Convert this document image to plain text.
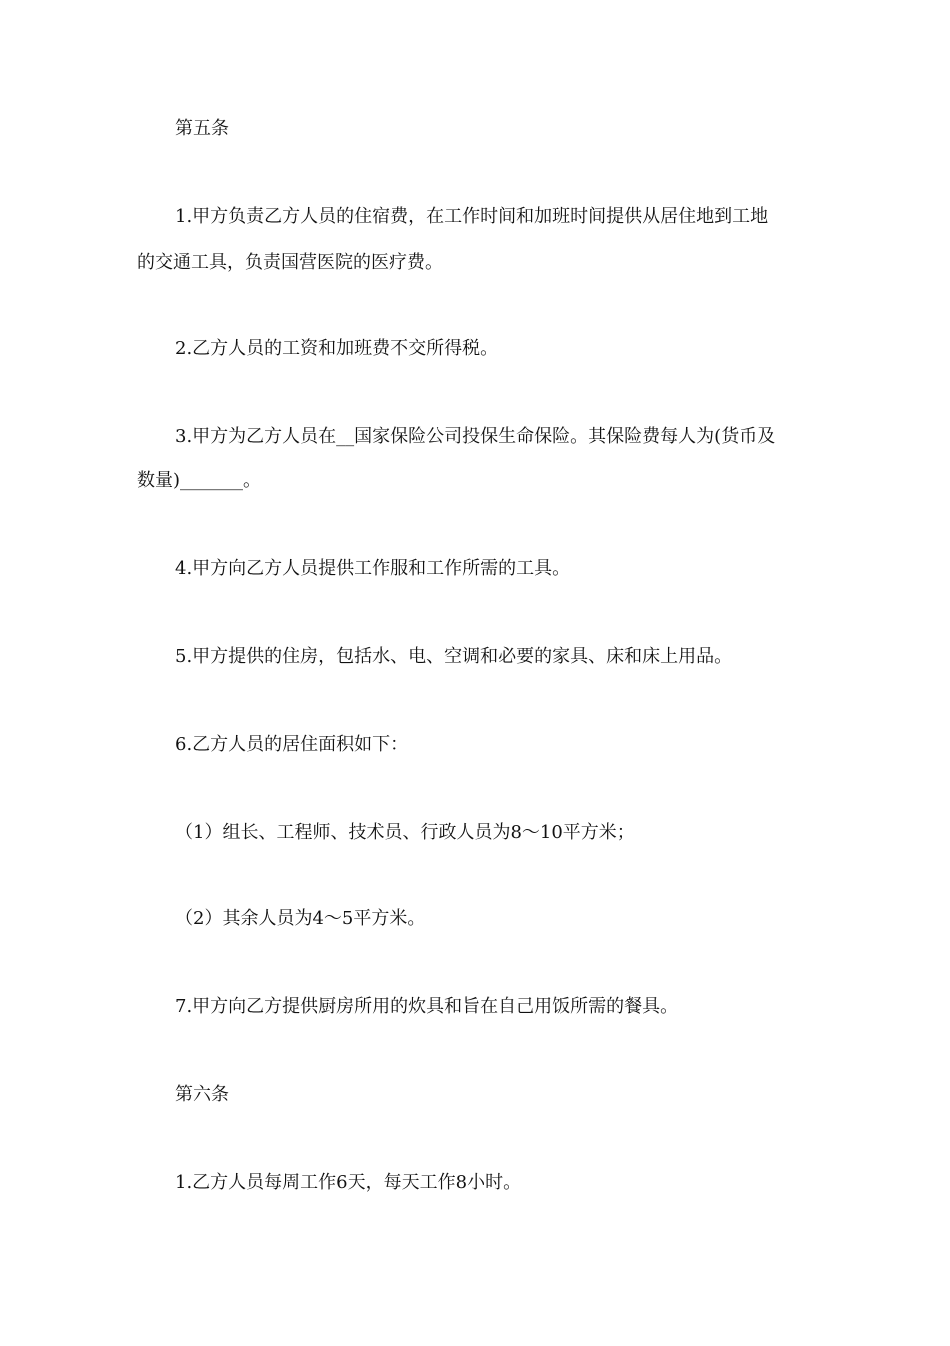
第五条
1.甲方负责乙方人员的住宿费，在工作时间和加班时间提供从居住地到工地
的交通工具，负责国营医院的医疗费。
2.乙方人员的工资和加班费不交所得税。
3.甲方为乙方人员在__国家保险公司投保生命保险。其保险费每人为(货币及
数量)_______。
4.甲方向乙方人员提供工作服和工作所需的工具。
5.甲方提供的住房，包括水、电、空调和必要的家具、床和床上用品。
6.乙方人员的居住面积如下：
（1）组长、工程师、技术员、行政人员为8～10平方米；
（2）其余人员为4～5平方米。
7.甲方向乙方提供厨房所用的炊具和旨在自己用饭所需的餐具。
第六条
1.乙方人员每周工作6天，每天工作8小时。
